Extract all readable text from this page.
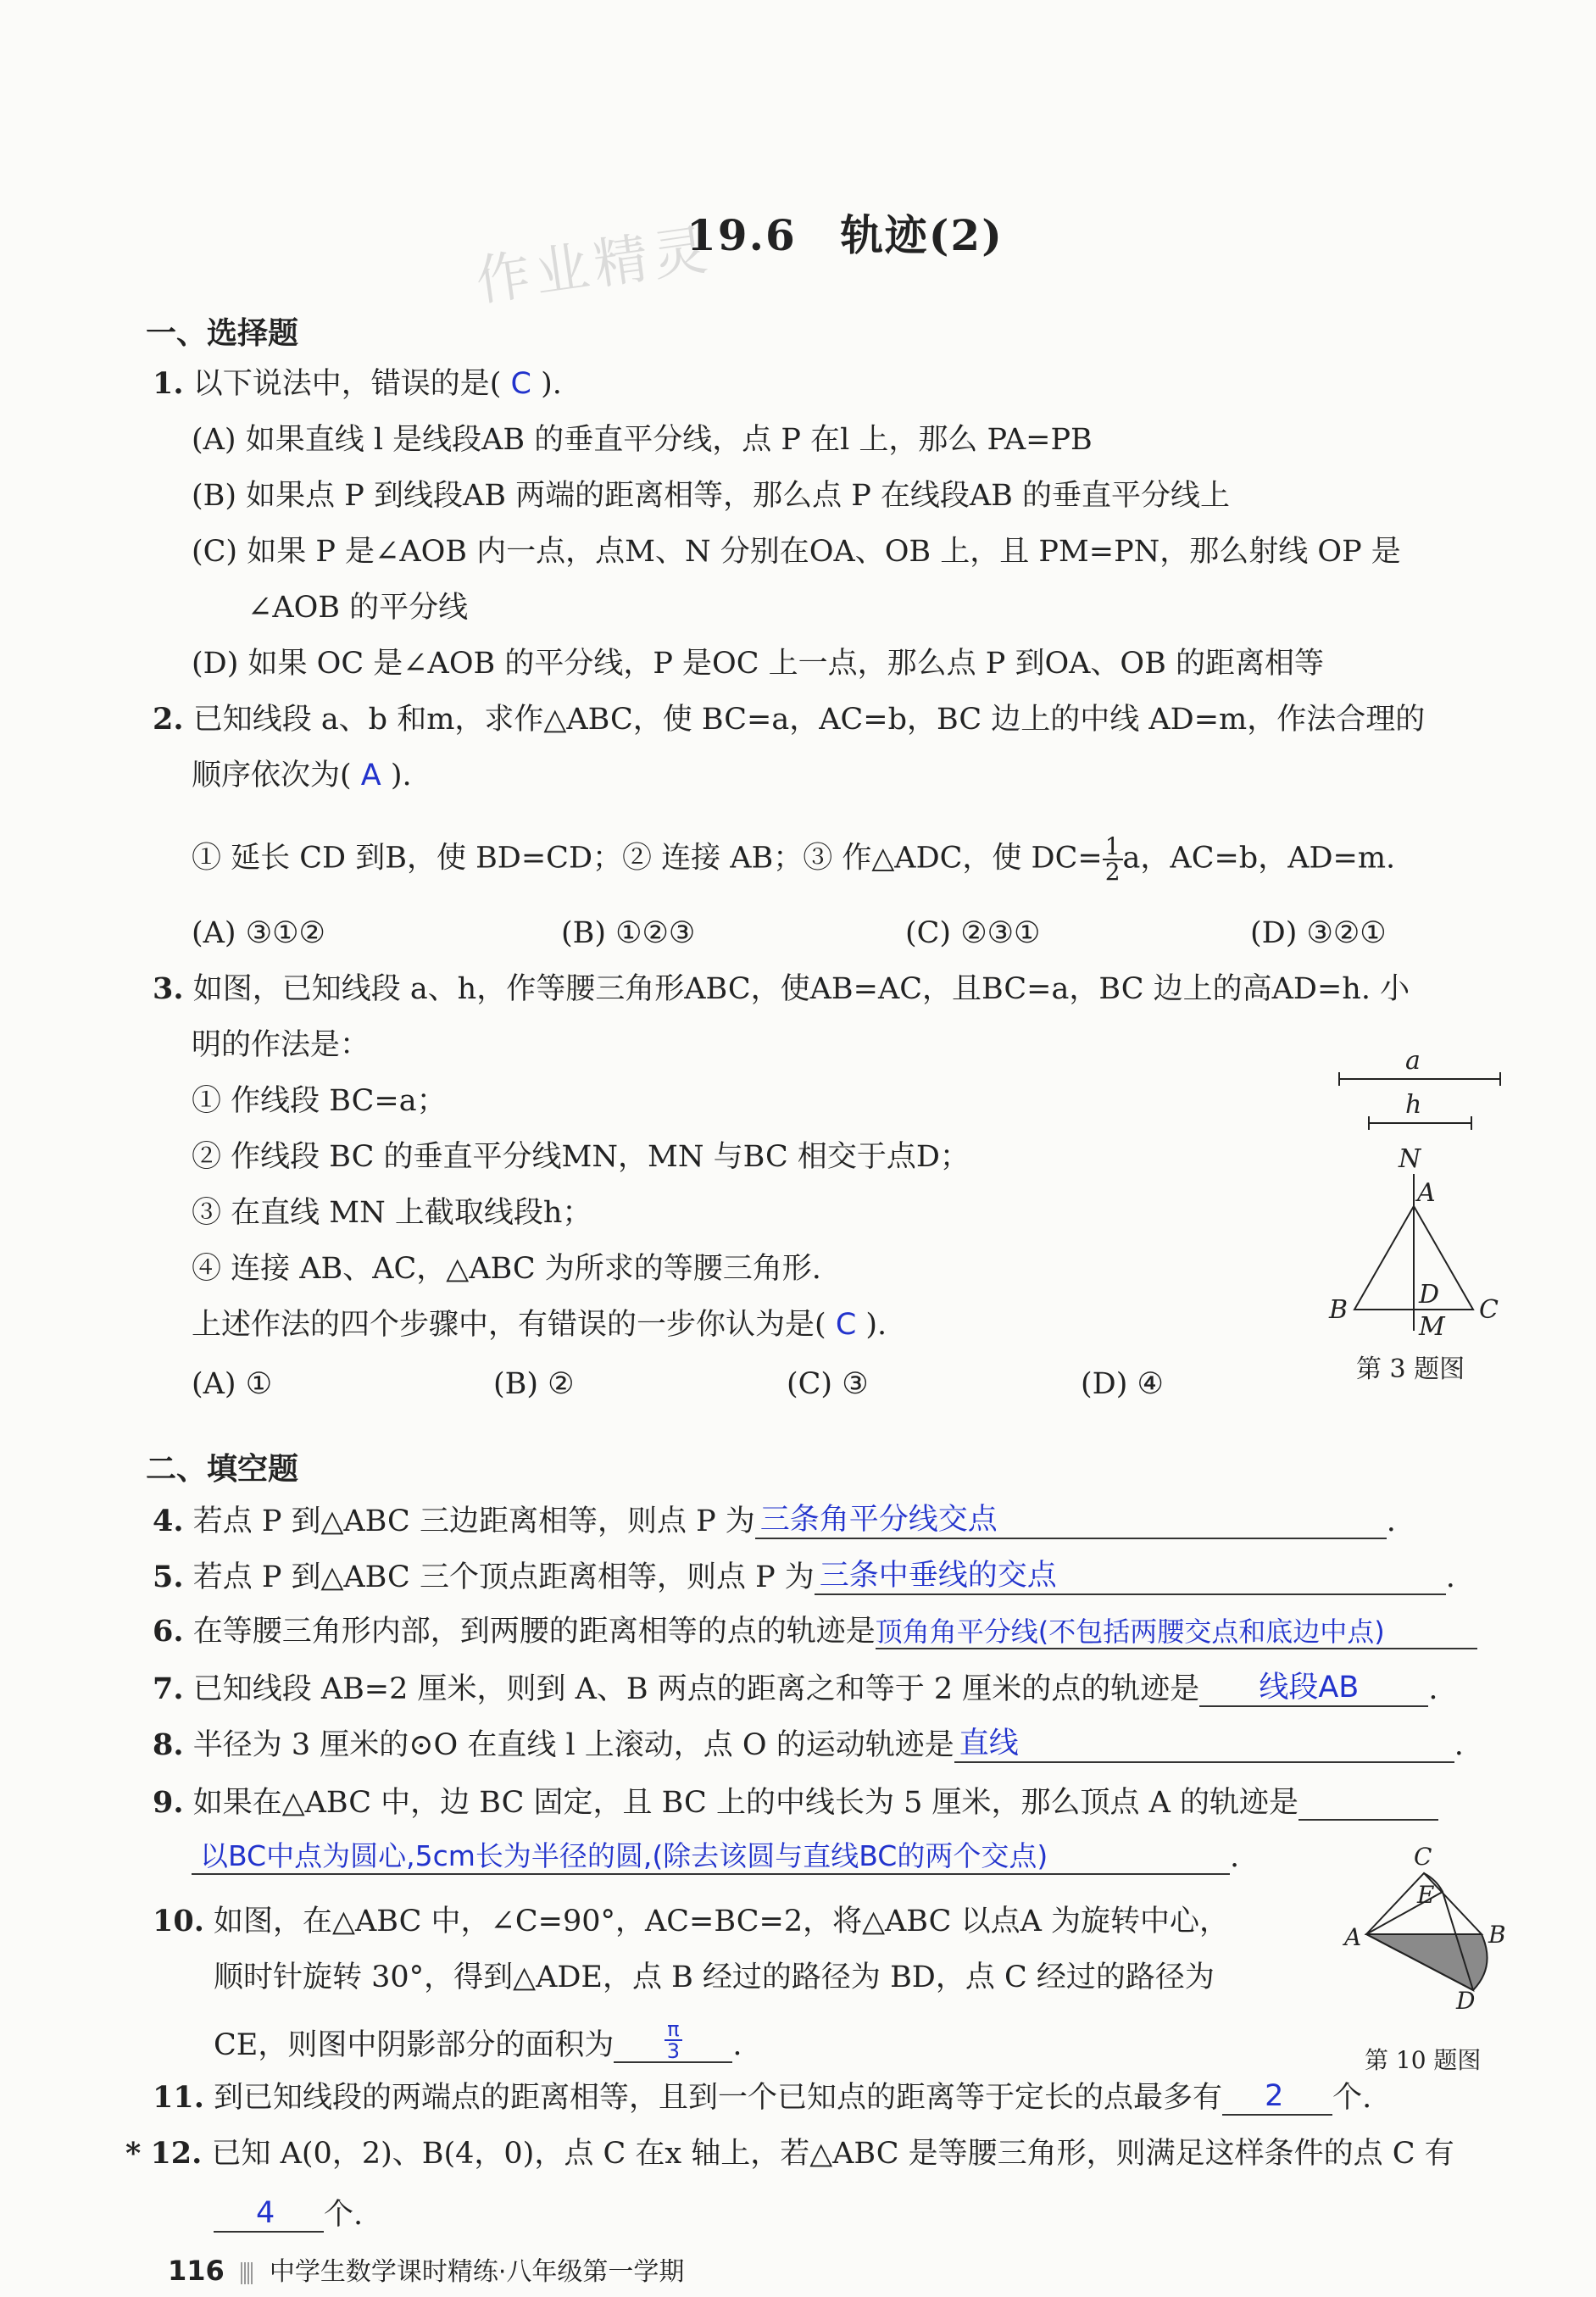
作业精灵
19.6　轨迹(2)
一、选择题
1. 以下说法中，错误的是( C ).
(A) 如果直线 l 是线段AB 的垂直平分线，点 P 在l 上，那么 PA=PB
(B) 如果点 P 到线段AB 两端的距离相等，那么点 P 在线段AB 的垂直平分线上
(C) 如果 P 是∠AOB 内一点，点M、N 分别在OA、OB 上，且 PM=PN，那么射线 OP 是
∠AOB 的平分线
(D) 如果 OC 是∠AOB 的平分线，P 是OC 上一点，那么点 P 到OA、OB 的距离相等
2. 已知线段 a、b 和m，求作△ABC，使 BC=a，AC=b，BC 边上的中线 AD=m，作法合理的
顺序依次为( A ).
① 延长 CD 到B，使 BD=CD；② 连接 AB；③ 作△ADC，使 $DC= \frac{1}{2}$ a，AC=b，AD=m.
(A) ③①②	(B) ①②③	(C) ②③①	(D) ③②①
3. 如图，已知线段 a、h，作等腰三角形ABC，使AB=AC，且BC=a，BC 边上的高AD=h. 小
明的作法是：
① 作线段 BC=a；
② 作线段 BC 的垂直平分线MN，MN 与BC 相交于点D；
③ 在直线 MN 上截取线段h；
④ 连接 AB、AC，△ABC 为所求的等腰三角形.
上述作法的四个步骤中，有错误的一步你认为是( C ).
(A) ①	(B) ②	(C) ③	(D) ④
a
h
N
A
B	C
D
M
第 3 题图
二、填空题
4. 若点 P 到△ABC 三边距离相等，则点 P 为 三条角平分线交点	.
5. 若点 P 到△ABC 三个顶点距离相等，则点 P 为 三条中垂线的交点	.
6. 在等腰三角形内部，到两腰的距离相等的点的轨迹是顶角角平分线(不包括两腰交点和底边中点)
7. 已知线段 AB=2 厘米，则到 A、B 两点的距离之和等于 2 厘米的点的轨迹是 线段AB .
8. 半径为 3 厘米的⊙O 在直线 l 上滚动，点 O 的运动轨迹是 直线	.
9. 如果在△ABC 中，边 BC 固定，且 BC 上的中线长为 5 厘米，那么顶点 A 的轨迹是
以BC中点为圆心,5cm长为半径的圆,(除去该圆与直线BC的两个交点)	.
10. 如图，在△ABC 中，∠C=90°，AC=BC=2，将△ABC 以点A 为旋转中心，
顺时针旋转 30°，得到△ADE，点 B 经过的路径为 BD，点 C 经过的路径为
CE，则图中阴影部分的面积为 $\frac{\pi}{3}$ .
C
E
A	B
D
第 10 题图
11. 到已知线段的两端点的距离相等，且到一个已知点的距离等于定长的点最多有 2 个.
* 12. 已知 A(0，2)、B(4，0)，点 C 在x 轴上，若△ABC 是等腰三角形，则满足这样条件的点 C 有
4 个.
116 中学生数学课时精练·八年级第一学期
